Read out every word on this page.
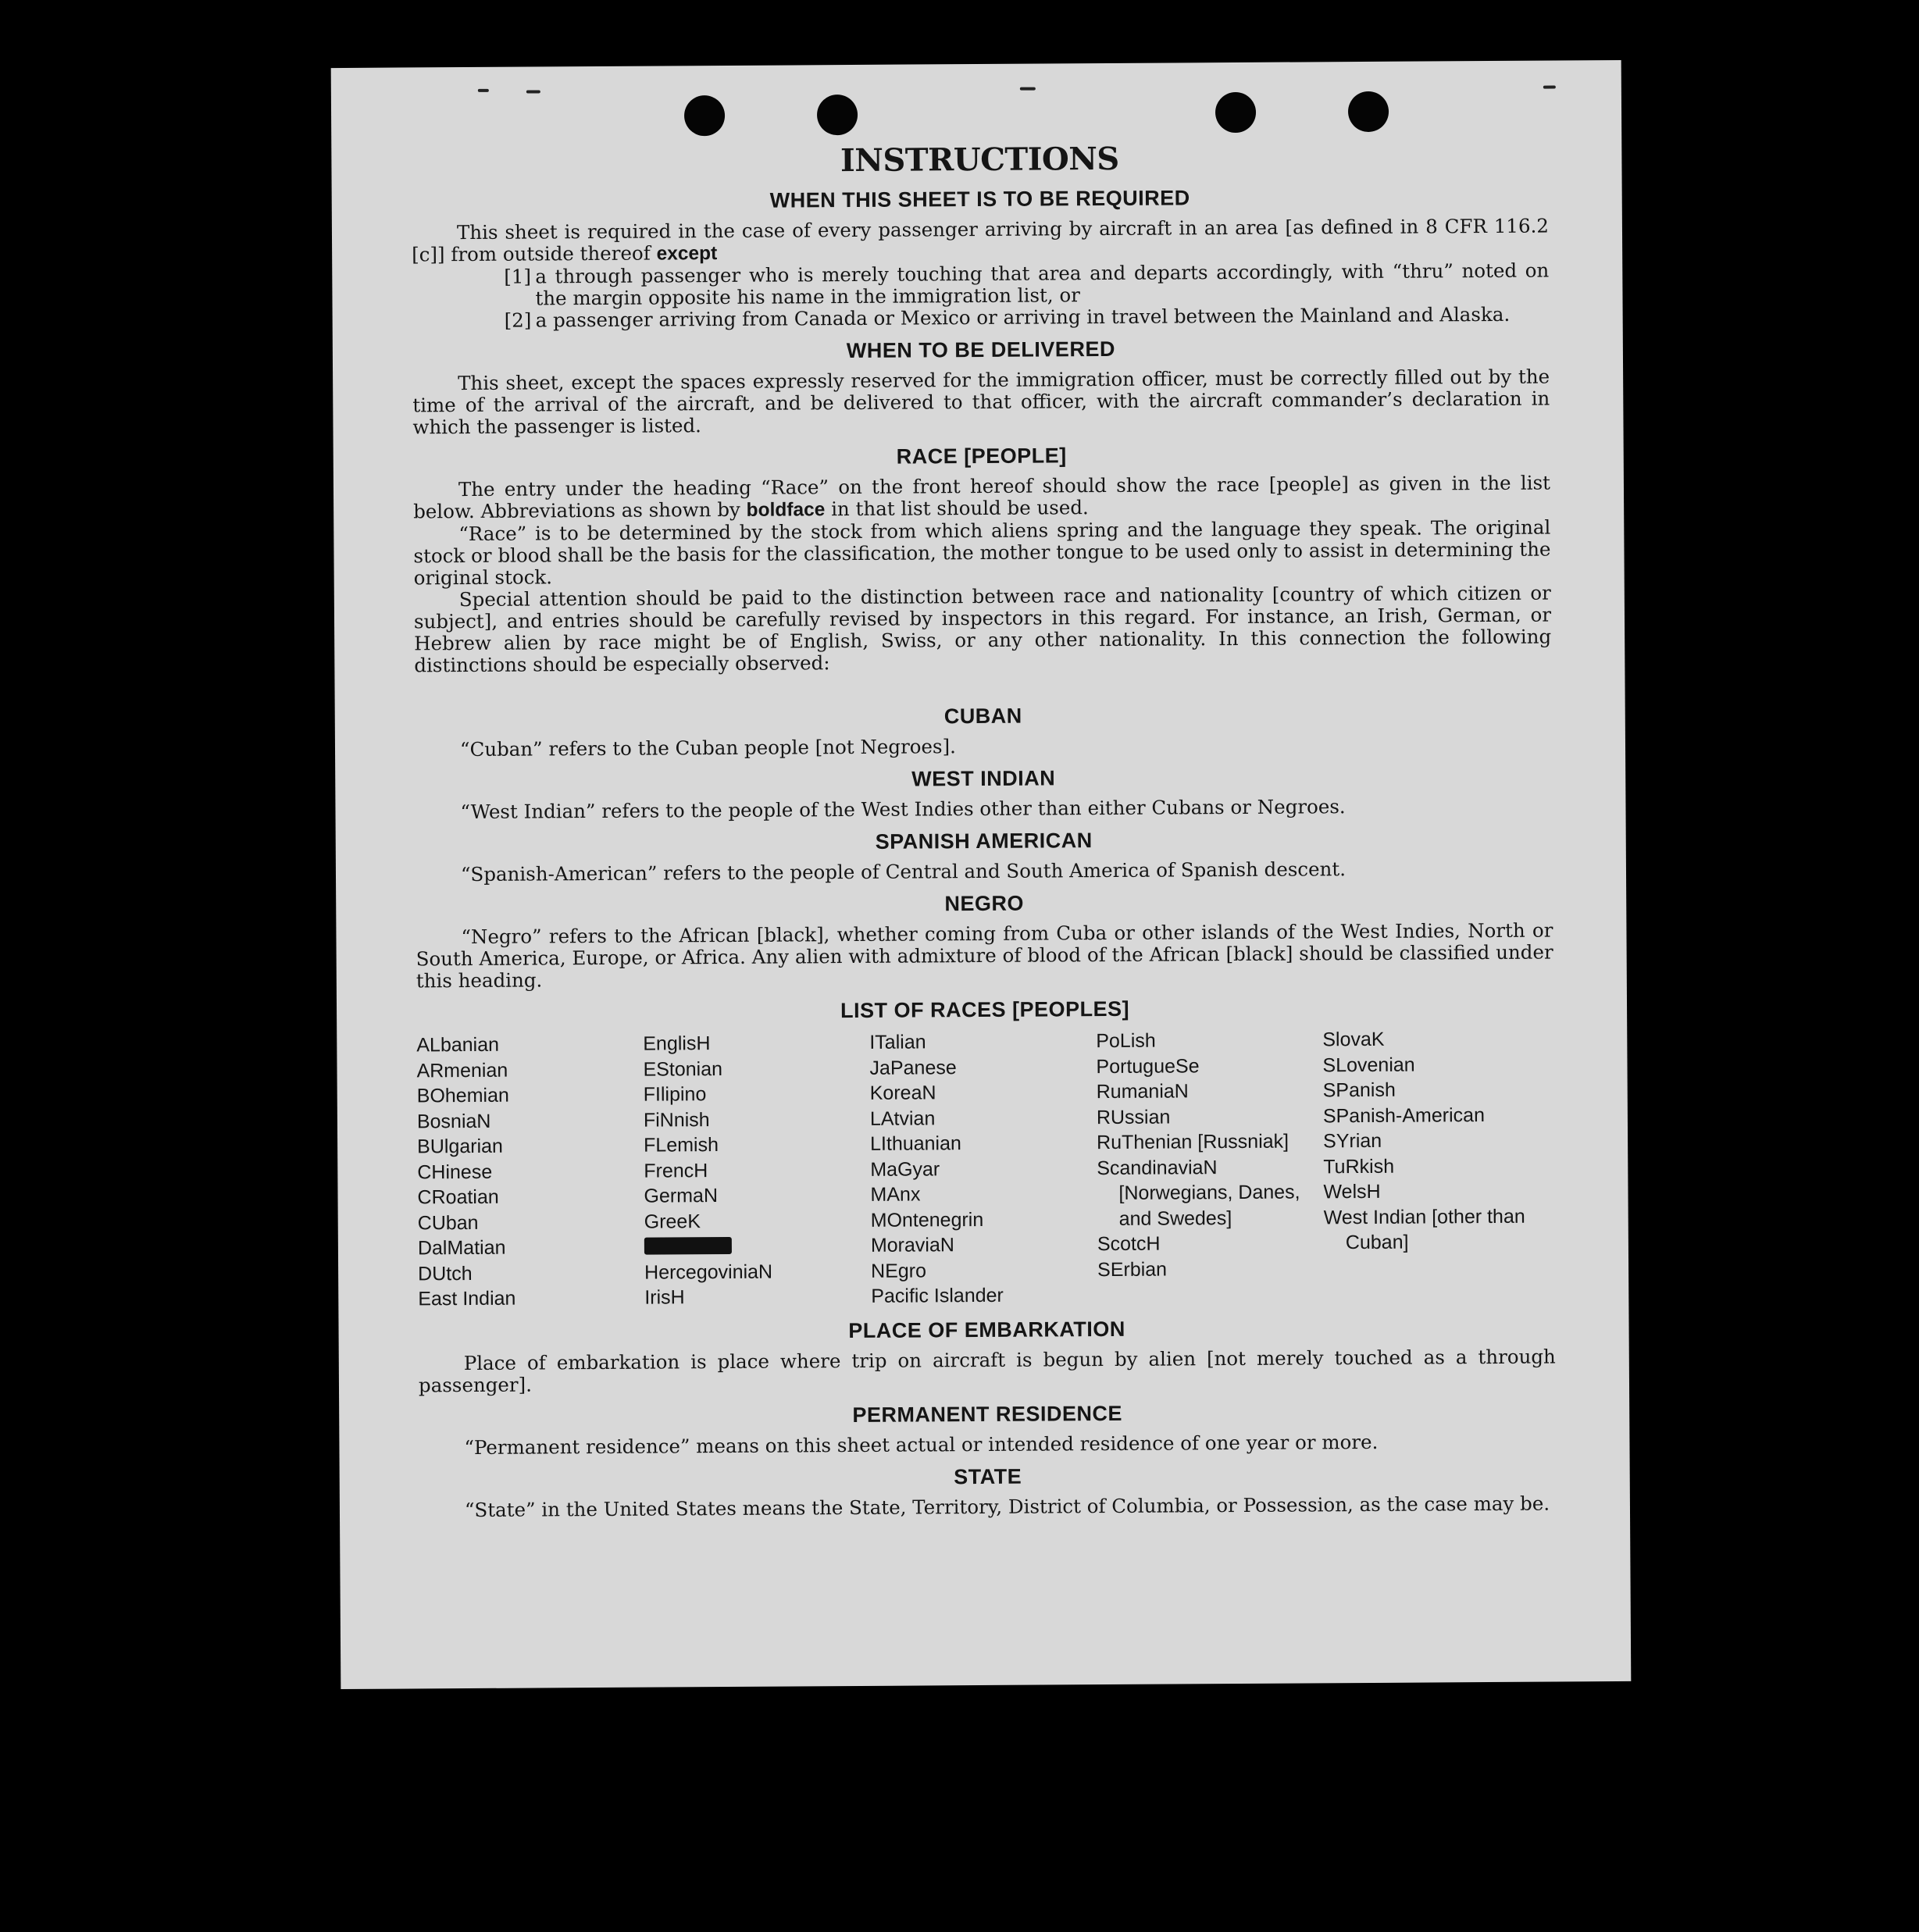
INSTRUCTIONS
WHEN THIS SHEET IS TO BE REQUIRED

This sheet is required in the case of every passenger arriving by aircraft in an area [as defined in 8 CFR 116.2 [c]] from outside thereof except

[1] a through passenger who is merely touching that area and departs accordingly, with “thru” noted on the margin opposite his name in the immigration list, or
[2] a passenger arriving from Canada or Mexico or arriving in travel between the Mainland and Alaska.
WHEN TO BE DELIVERED

This sheet, except the spaces expressly reserved for the immigration officer, must be correctly filled out by the time of the arrival of the aircraft, and be delivered to that officer, with the aircraft commander’s declaration in which the passenger is listed.

RACE [PEOPLE]

The entry under the heading “Race” on the front hereof should show the race [people] as given in the list below. Abbreviations as shown by boldface in that list should be used.

“Race” is to be determined by the stock from which aliens spring and the language they speak. The original stock or blood shall be the basis for the classification, the mother tongue to be used only to assist in determining the original stock.

Special attention should be paid to the distinction between race and nationality [country of which citizen or subject], and entries should be carefully revised by inspectors in this regard. For instance, an Irish, German, or Hebrew alien by race might be of English, Swiss, or any other nationality. In this connection the following distinctions should be especially observed:

CUBAN

“Cuban” refers to the Cuban people [not Negroes].

WEST INDIAN

“West Indian” refers to the people of the West Indies other than either Cubans or Negroes.

SPANISH AMERICAN

“Spanish-American” refers to the people of Central and South America of Spanish descent.

NEGRO

“Negro” refers to the African [black], whether coming from Cuba or other islands of the West Indies, North or South America, Europe, or Africa. Any alien with admixture of blood of the African [black] should be classified under this heading.

LIST OF RACES [PEOPLES]
ALbanian
ARmenian
BOhemian
BosniaN
BUlgarian
CHinese
CRoatian
CUban
DalMatian
DUtch
East Indian
EnglisH
EStonian
FIlipino
FiNnish
FLemish
FrencH
GermaN
GreeK
HercegoviniaN
IrisH
ITalian
JaPanese
KoreaN
LAtvian
LIthuanian
MaGyar
MAnx
MOntenegrin
MoraviaN
NEgro
Pacific Islander
PoLish
PortugueSe
RumaniaN
RUssian
RuThenian [Russniak]
ScandinaviaN [Norwegians, Danes, and Swedes]
ScotcH
SErbian
SlovaK
SLovenian
SPanish
SPanish-American
SYrian
TuRkish
WelsH
West Indian [other than Cuban]
PLACE OF EMBARKATION

Place of embarkation is place where trip on aircraft is begun by alien [not merely touched as a through passenger].

PERMANENT RESIDENCE

“Permanent residence” means on this sheet actual or intended residence of one year or more.

STATE

“State” in the United States means the State, Territory, District of Columbia, or Possession, as the case may be.
